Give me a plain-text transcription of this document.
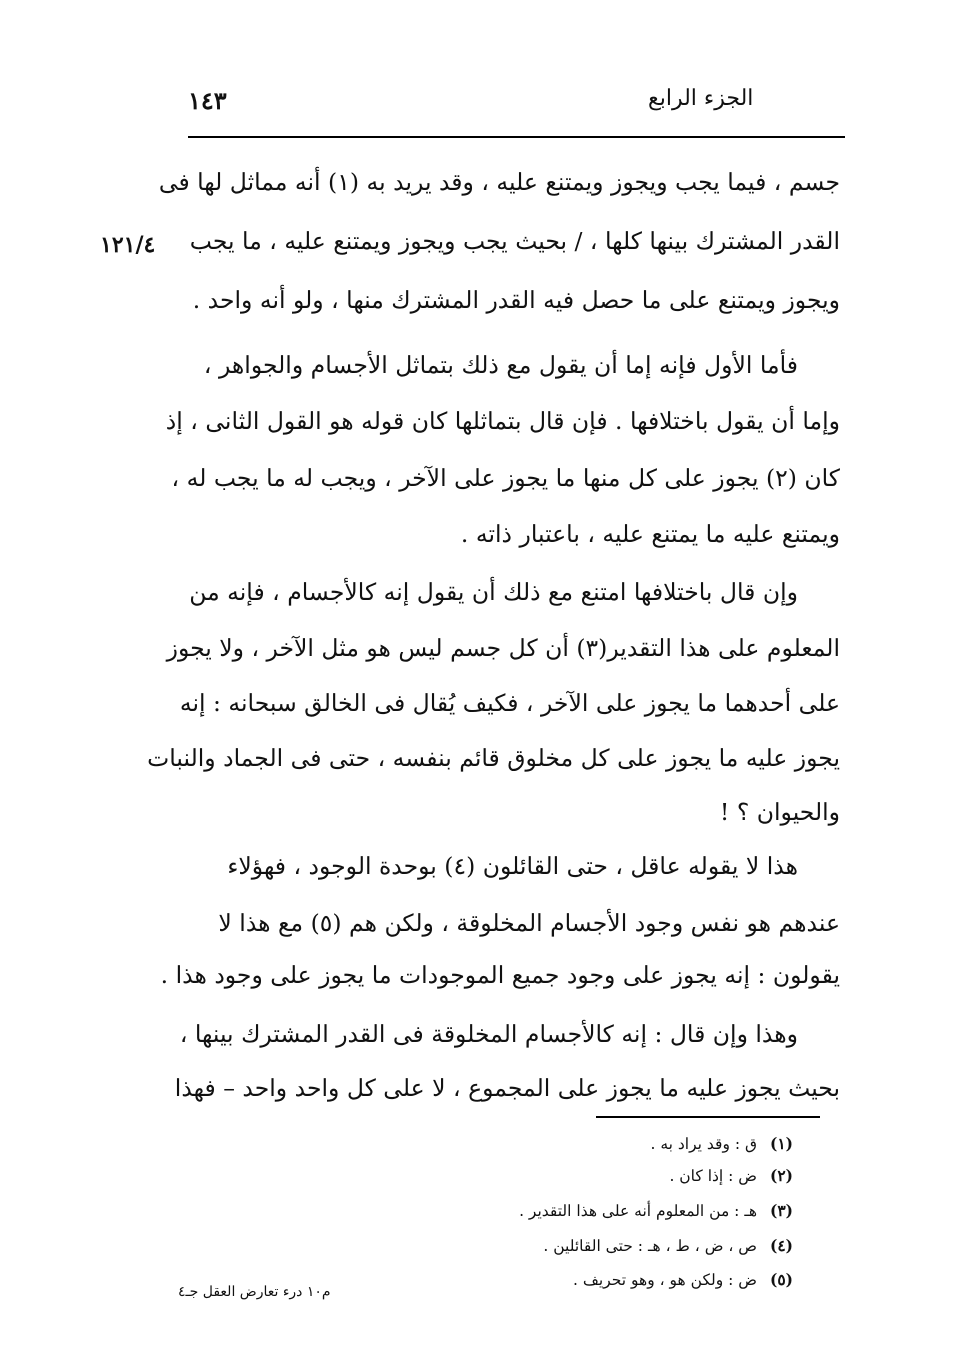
١٤٣	الجزء الرابع
١٢١/٤
جسم ، فيما يجب ويجوز ويمتنع عليه ، وقد يريد به (١) أنه مماثل لها فى
القدر المشترك بينها كلها ، / بحيث يجب ويجوز ويمتنع عليه ، ما يجب
ويجوز ويمتنع على ما حصل فيه القدر المشترك منها ، ولو أنه واحد .
فأما الأول فإنه إما أن يقول مع ذلك بتماثل الأجسام والجواهر ،
وإما أن يقول باختلافها . فإن قال بتماثلها كان قوله هو القول الثانى ، إذ
كان (٢) يجوز على كل منها ما يجوز على الآخر ، ويجب له ما يجب له ،
ويمتنع عليه ما يمتنع عليه ، باعتبار ذاته .
وإن قال باختلافها امتنع مع ذلك أن يقول إنه كالأجسام ، فإنه من
المعلوم على هذا التقدير(٣) أن كل جسم ليس هو مثل الآخر ، ولا يجوز
على أحدهما ما يجوز على الآخر ، فكيف يُقال فى الخالق سبحانه : إنه
يجوز عليه ما يجوز على كل مخلوق قائم بنفسه ، حتى فى الجماد والنبات
والحيوان ؟ !
هذا لا يقوله عاقل ، حتى القائلون (٤) بوحدة الوجود ، فهؤلاء
عندهم هو نفس وجود الأجسام المخلوقة ، ولكن هم (٥) مع هذا لا
يقولون : إنه يجوز على وجود جميع الموجودات ما يجوز على وجود هذا .
وهذا وإن قال : إنه كالأجسام المخلوقة فى القدر المشترك بينها ،
بحيث يجوز عليه ما يجوز على المجموع ، لا على كل واحد واحد – فهذا
(١) ق : وقد يراد به .
(٢) ض : إذا كان .
(٣) هـ : من المعلوم أنه على هذا التقدير .
(٤) ص ، ض ، ط ، هـ : حتى القائلين .
(٥) ض : ولكن هو ، وهو تحريف .
م١٠ درء تعارض العقل جـ٤
